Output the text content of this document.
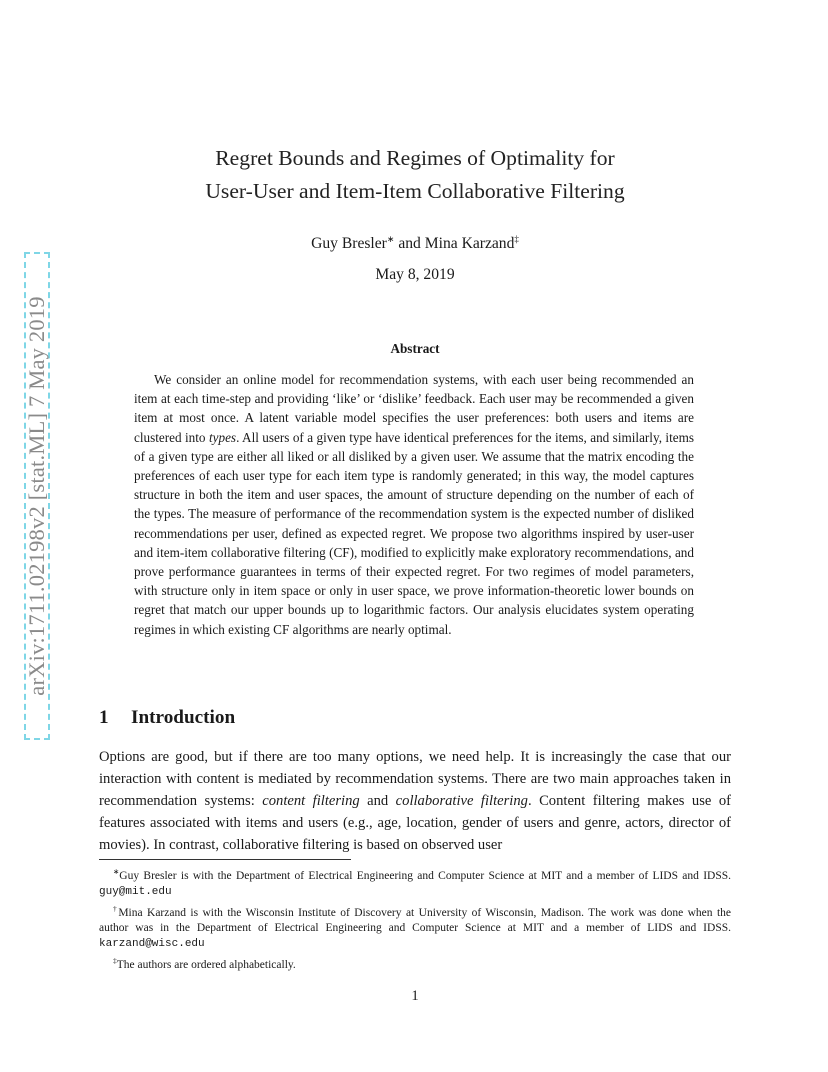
arXiv:1711.02198v2 [stat.ML] 7 May 2019
Regret Bounds and Regimes of Optimality for
User-User and Item-Item Collaborative Filtering
Guy Bresler∗ and Mina Karzand‡
May 8, 2019
Abstract
We consider an online model for recommendation systems, with each user being recommended an item at each time-step and providing ‘like’ or ‘dislike’ feedback. Each user may be recommended a given item at most once. A latent variable model specifies the user preferences: both users and items are clustered into types. All users of a given type have identical preferences for the items, and similarly, items of a given type are either all liked or all disliked by a given user. We assume that the matrix encoding the preferences of each user type for each item type is randomly generated; in this way, the model captures structure in both the item and user spaces, the amount of structure depending on the number of each of the types. The measure of performance of the recommendation system is the expected number of disliked recommendations per user, defined as expected regret. We propose two algorithms inspired by user-user and item-item collaborative filtering (CF), modified to explicitly make exploratory recommendations, and prove performance guarantees in terms of their expected regret. For two regimes of model parameters, with structure only in item space or only in user space, we prove information-theoretic lower bounds on regret that match our upper bounds up to logarithmic factors. Our analysis elucidates system operating regimes in which existing CF algorithms are nearly optimal.
1 Introduction
Options are good, but if there are too many options, we need help. It is increasingly the case that our interaction with content is mediated by recommendation systems. There are two main approaches taken in recommendation systems: content filtering and collaborative filtering. Content filtering makes use of features associated with items and users (e.g., age, location, gender of users and genre, actors, director of movies). In contrast, collaborative filtering is based on observed user

∗Guy Bresler is with the Department of Electrical Engineering and Computer Science at MIT and a member of LIDS and IDSS. guy@mit.edu

†Mina Karzand is with the Wisconsin Institute of Discovery at University of Wisconsin, Madison. The work was done when the author was in the Department of Electrical Engineering and Computer Science at MIT and a member of LIDS and IDSS. karzand@wisc.edu

‡The authors are ordered alphabetically.

1
